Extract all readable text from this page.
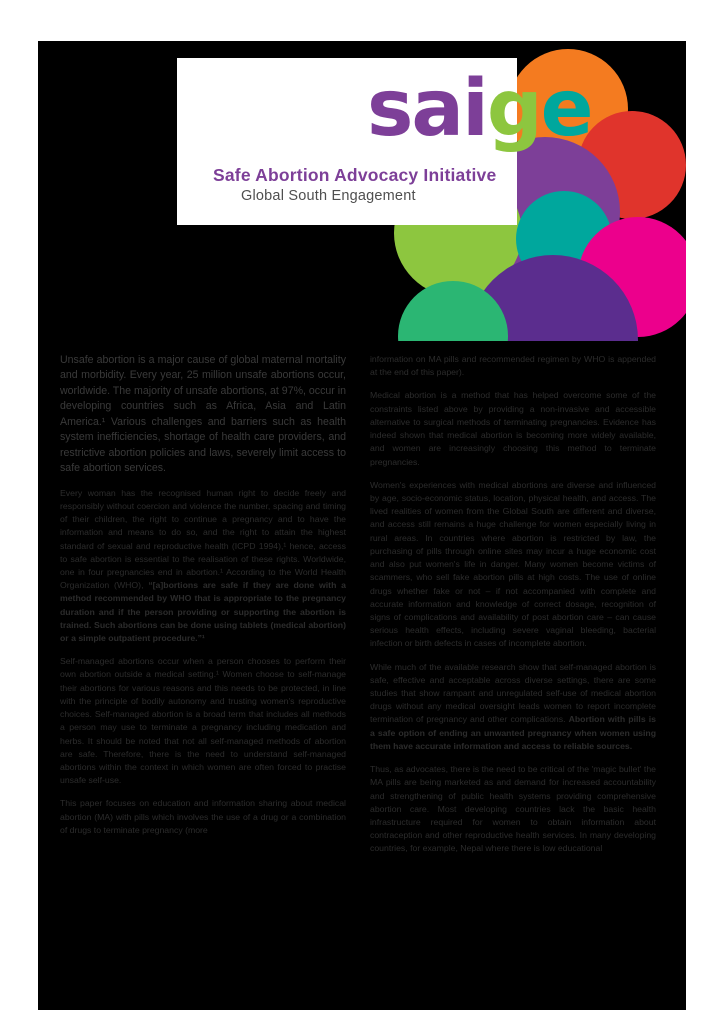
saige
Safe Abortion Advocacy Initiative
Global South Engagement

Unsafe abortion is a major cause of global maternal mortality and morbidity. Every year, 25 million unsafe abortions occur, worldwide. The majority of unsafe abortions, at 97%, occur in developing countries such as Africa, Asia and Latin America.¹ Various challenges and barriers such as health system inefficiencies, shortage of health care providers, and restrictive abortion policies and laws, severely limit access to safe abortion services.

Every woman has the recognised human right to decide freely and responsibly without coercion and violence the number, spacing and timing of their children, the right to continue a pregnancy and to have the information and means to do so, and the right to attain the highest standard of sexual and reproductive health (ICPD 1994),¹ hence, access to safe abortion is essential to the realisation of these rights. Worldwide, one in four pregnancies end in abortion.¹ According to the World Health Organization (WHO), “[a]bortions are safe if they are done with a method recommended by WHO that is appropriate to the pregnancy duration and if the person providing or supporting the abortion is trained. Such abortions can be done using tablets (medical abortion) or a simple outpatient procedure.”¹

Self-managed abortions occur when a person chooses to perform their own abortion outside a medical setting.¹ Women choose to self-manage their abortions for various reasons and this needs to be protected, in line with the principle of bodily autonomy and trusting women's reproductive choices. Self-managed abortion is a broad term that includes all methods a person may use to terminate a pregnancy including medication and herbs. It should be noted that not all self-managed methods of abortion are safe. Therefore, there is the need to understand self-managed abortions within the context in which women are often forced to practise unsafe self-use.

This paper focuses on education and information sharing about medical abortion (MA) with pills which involves the use of a drug or a combination of drugs to terminate pregnancy (more

information on MA pills and recommended regimen by WHO is appended at the end of this paper).

Medical abortion is a method that has helped overcome some of the constraints listed above by providing a non-invasive and accessible alternative to surgical methods of terminating pregnancies. Evidence has indeed shown that medical abortion is becoming more widely available, and women are increasingly choosing this method to terminate pregnancies.

Women's experiences with medical abortions are diverse and influenced by age, socio-economic status, location, physical health, and access. The lived realities of women from the Global South are different and diverse, and access still remains a huge challenge for women especially living in rural areas. In countries where abortion is restricted by law, the purchasing of pills through online sites may incur a huge economic cost and also put women's life in danger. Many women become victims of scammers, who sell fake abortion pills at high costs. The use of online drugs whether fake or not – if not accompanied with complete and accurate information and knowledge of correct dosage, recognition of signs of complications and availability of post abortion care – can cause serious health effects, including severe vaginal bleeding, bacterial infection or birth defects in cases of incomplete abortion.

While much of the available research show that self-managed abortion is safe, effective and acceptable across diverse settings, there are some studies that show rampant and unregulated self-use of medical abortion drugs without any medical oversight leads women to report incomplete termination of pregnancy and other complications. Abortion with pills is a safe option of ending an unwanted pregnancy when women using them have accurate information and access to reliable sources.

Thus, as advocates, there is the need to be critical of the 'magic bullet' the MA pills are being marketed as and demand for increased accountability and strengthening of public health systems providing comprehensive abortion care. Most developing countries lack the basic health infrastructure required for women to obtain information about contraception and other reproductive health services. In many developing countries, for example, Nepal where there is low educational
